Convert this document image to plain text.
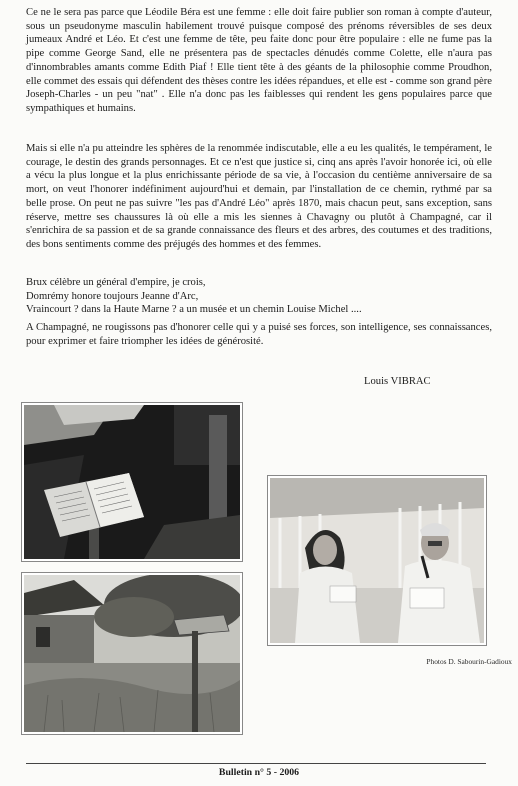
Ce ne le sera pas parce que Léodile Béra est une femme : elle doit faire publier son roman à compte d'auteur, sous un pseudonyme masculin habilement trouvé puisque composé des prénoms réversibles de ses deux jumeaux André et Léo. Et c'est une femme de tête, peu faite donc pour être populaire : elle ne fume pas la pipe comme George Sand, elle ne présentera pas de spectacles dénudés comme Colette, elle n'aura pas d'innombrables amants comme Edith Piaf ! Elle tient tête à des géants de la philosophie comme Proudhon, elle commet des essais qui défendent des thèses contre les idées répandues, et elle est - comme son grand père Joseph-Charles - un peu "nat" . Elle n'a donc pas les faiblesses qui rendent les gens populaires parce que sympathiques et humains.

Mais si elle n'a pu atteindre les sphères de la renommée indiscutable, elle a eu les qualités, le tempérament, le courage, le destin des grands personnages. Et ce n'est que justice si, cinq ans après l'avoir honorée ici, où elle a vécu la plus longue et la plus enrichissante période de sa vie, à l'occasion du centième anniversaire de sa mort, on veut l'honorer indéfiniment aujourd'hui et demain, par l'installation de ce chemin, rythmé par sa belle prose. On peut ne pas suivre "les pas d'André Léo" après 1870, mais chacun peut, sans exception, sans réserve, mettre ses chaussures là où elle a mis les siennes à Chavagny ou plutôt à Champagné, car il s'enrichira de sa passion et de sa grande connaissance des fleurs et des arbres, des coutumes et des traditions, des bons sentiments comme des préjugés des hommes et des femmes.

Brux célèbre un général d'empire, je crois,
Domrémy honore toujours Jeanne d'Arc,
Vraincourt ? dans la Haute Marne ? a un musée et un chemin Louise Michel ....

A Champagné, ne rougissons pas d'honorer celle qui y a puisé ses forces, son intelligence, ses connaissances, pour exprimer et faire triompher les idées de générosité.

Louis VIBRAC
Photos D. Sabourin-Gadioux
Bulletin n° 5 - 2006
